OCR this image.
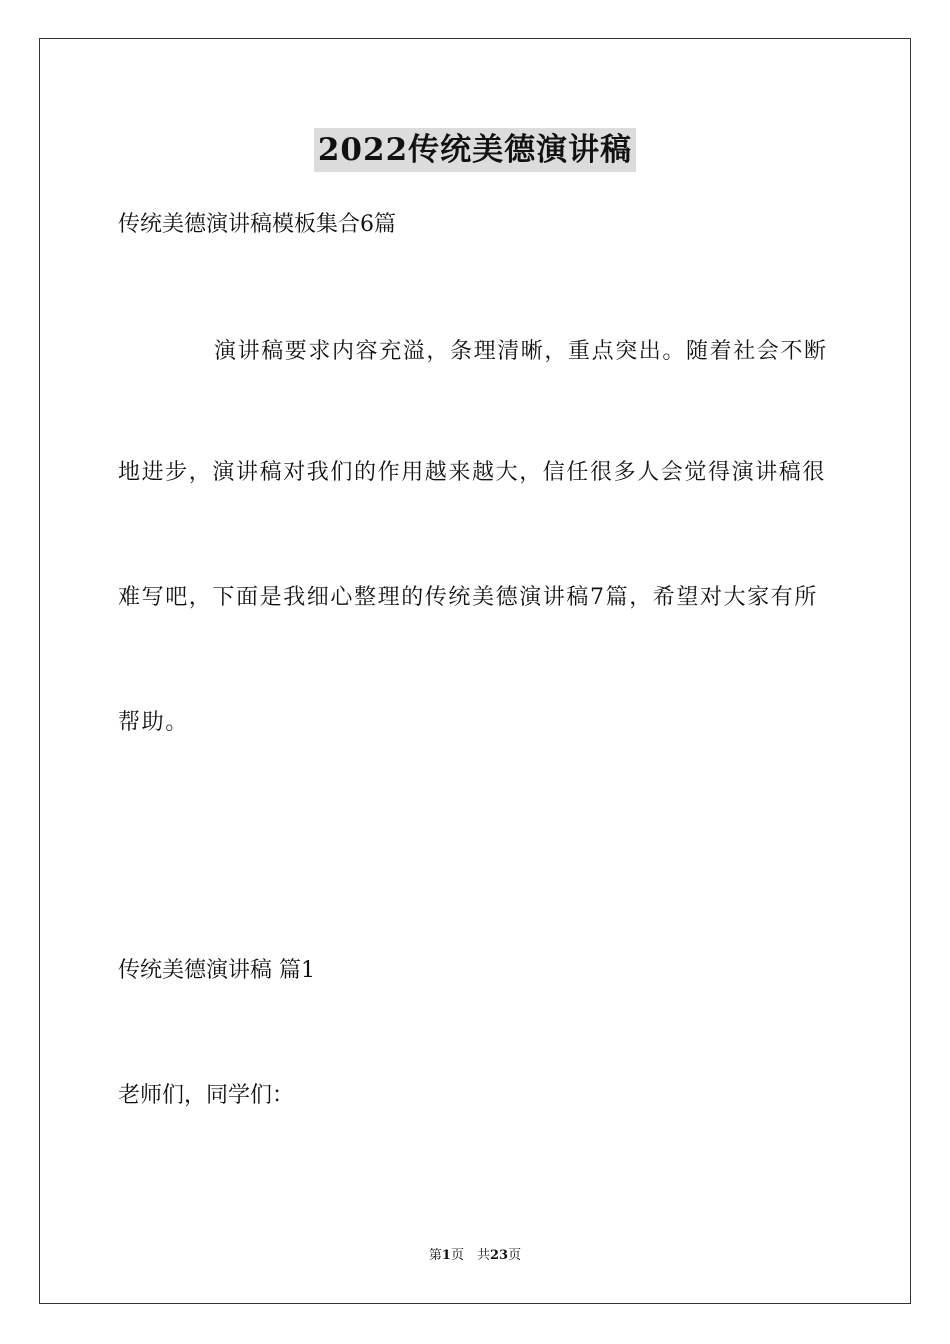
2022传统美德演讲稿
传统美德演讲稿模板集合6篇
演讲稿要求内容充溢，条理清晰，重点突出。随着社会不断
地进步，演讲稿对我们的作用越来越大，信任很多人会觉得演讲稿很
难写吧，下面是我细心整理的传统美德演讲稿7篇，希望对大家有所
帮助。
传统美德演讲稿 篇1
老师们，同学们：
第1页　共23页
